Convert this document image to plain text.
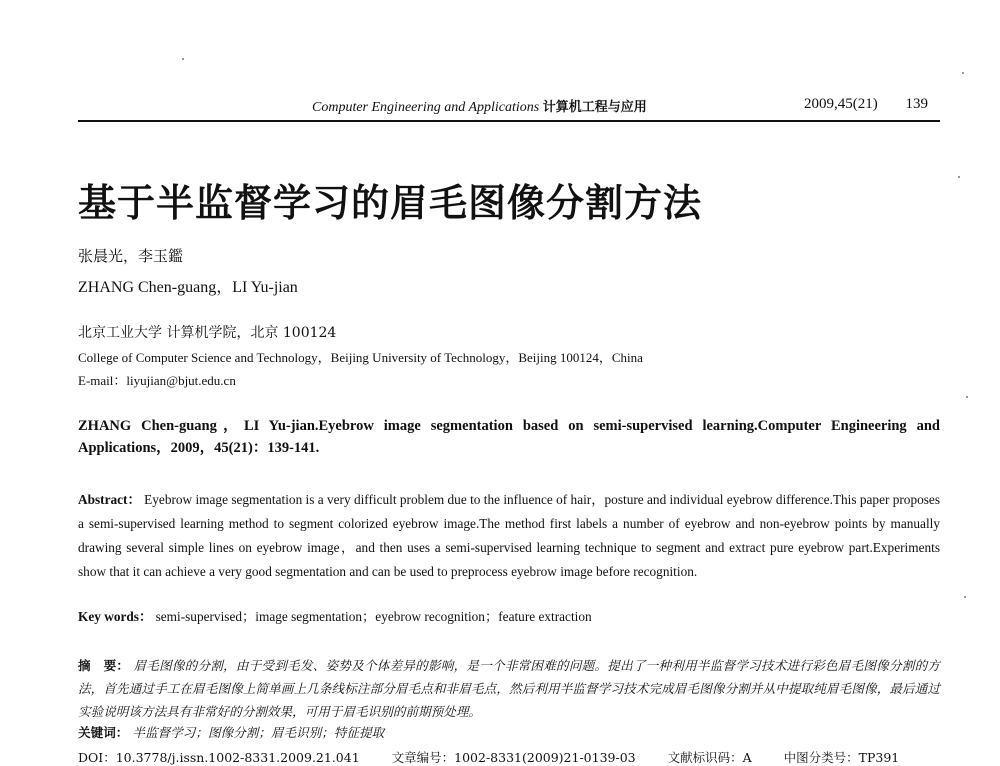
Computer Engineering and Applications 计算机工程与应用	2009,45(21) 139
基于半监督学习的眉毛图像分割方法
张晨光，李玉鑑
ZHANG Chen-guang，LI Yu-jian
北京工业大学 计算机学院，北京 100124
College of Computer Science and Technology，Beijing University of Technology，Beijing 100124，China
E-mail：liyujian@bjut.edu.cn

ZHANG Chen-guang，LI Yu-jian.Eyebrow image segmentation based on semi-supervised learning.Computer Engineering and Applications，2009，45(21)：139-141.

Abstract： Eyebrow image segmentation is a very difficult problem due to the influence of hair，posture and individual eyebrow difference.This paper proposes a semi-supervised learning method to segment colorized eyebrow image.The method first labels a number of eyebrow and non-eyebrow points by manually drawing several simple lines on eyebrow image，and then uses a semi-supervised learning technique to segment and extract pure eyebrow part.Experiments show that it can achieve a very good segmentation and can be used to preprocess eyebrow image before recognition.

Key words： semi-supervised；image segmentation；eyebrow recognition；feature extraction

摘　要： 眉毛图像的分割，由于受到毛发、姿势及个体差异的影响，是一个非常困难的问题。提出了一种利用半监督学习技术进行彩色眉毛图像分割的方法，首先通过手工在眉毛图像上简单画上几条线标注部分眉毛点和非眉毛点，然后利用半监督学习技术完成眉毛图像分割并从中提取纯眉毛图像，最后通过实验说明该方法具有非常好的分割效果，可用于眉毛识别的前期预处理。

关键词： 半监督学习；图像分割；眉毛识别；特征提取
DOI：10.3778/j.issn.1002-8331.2009.21.041	文章编号：1002-8331(2009)21-0139-03	文献标识码：A	中图分类号：TP391
